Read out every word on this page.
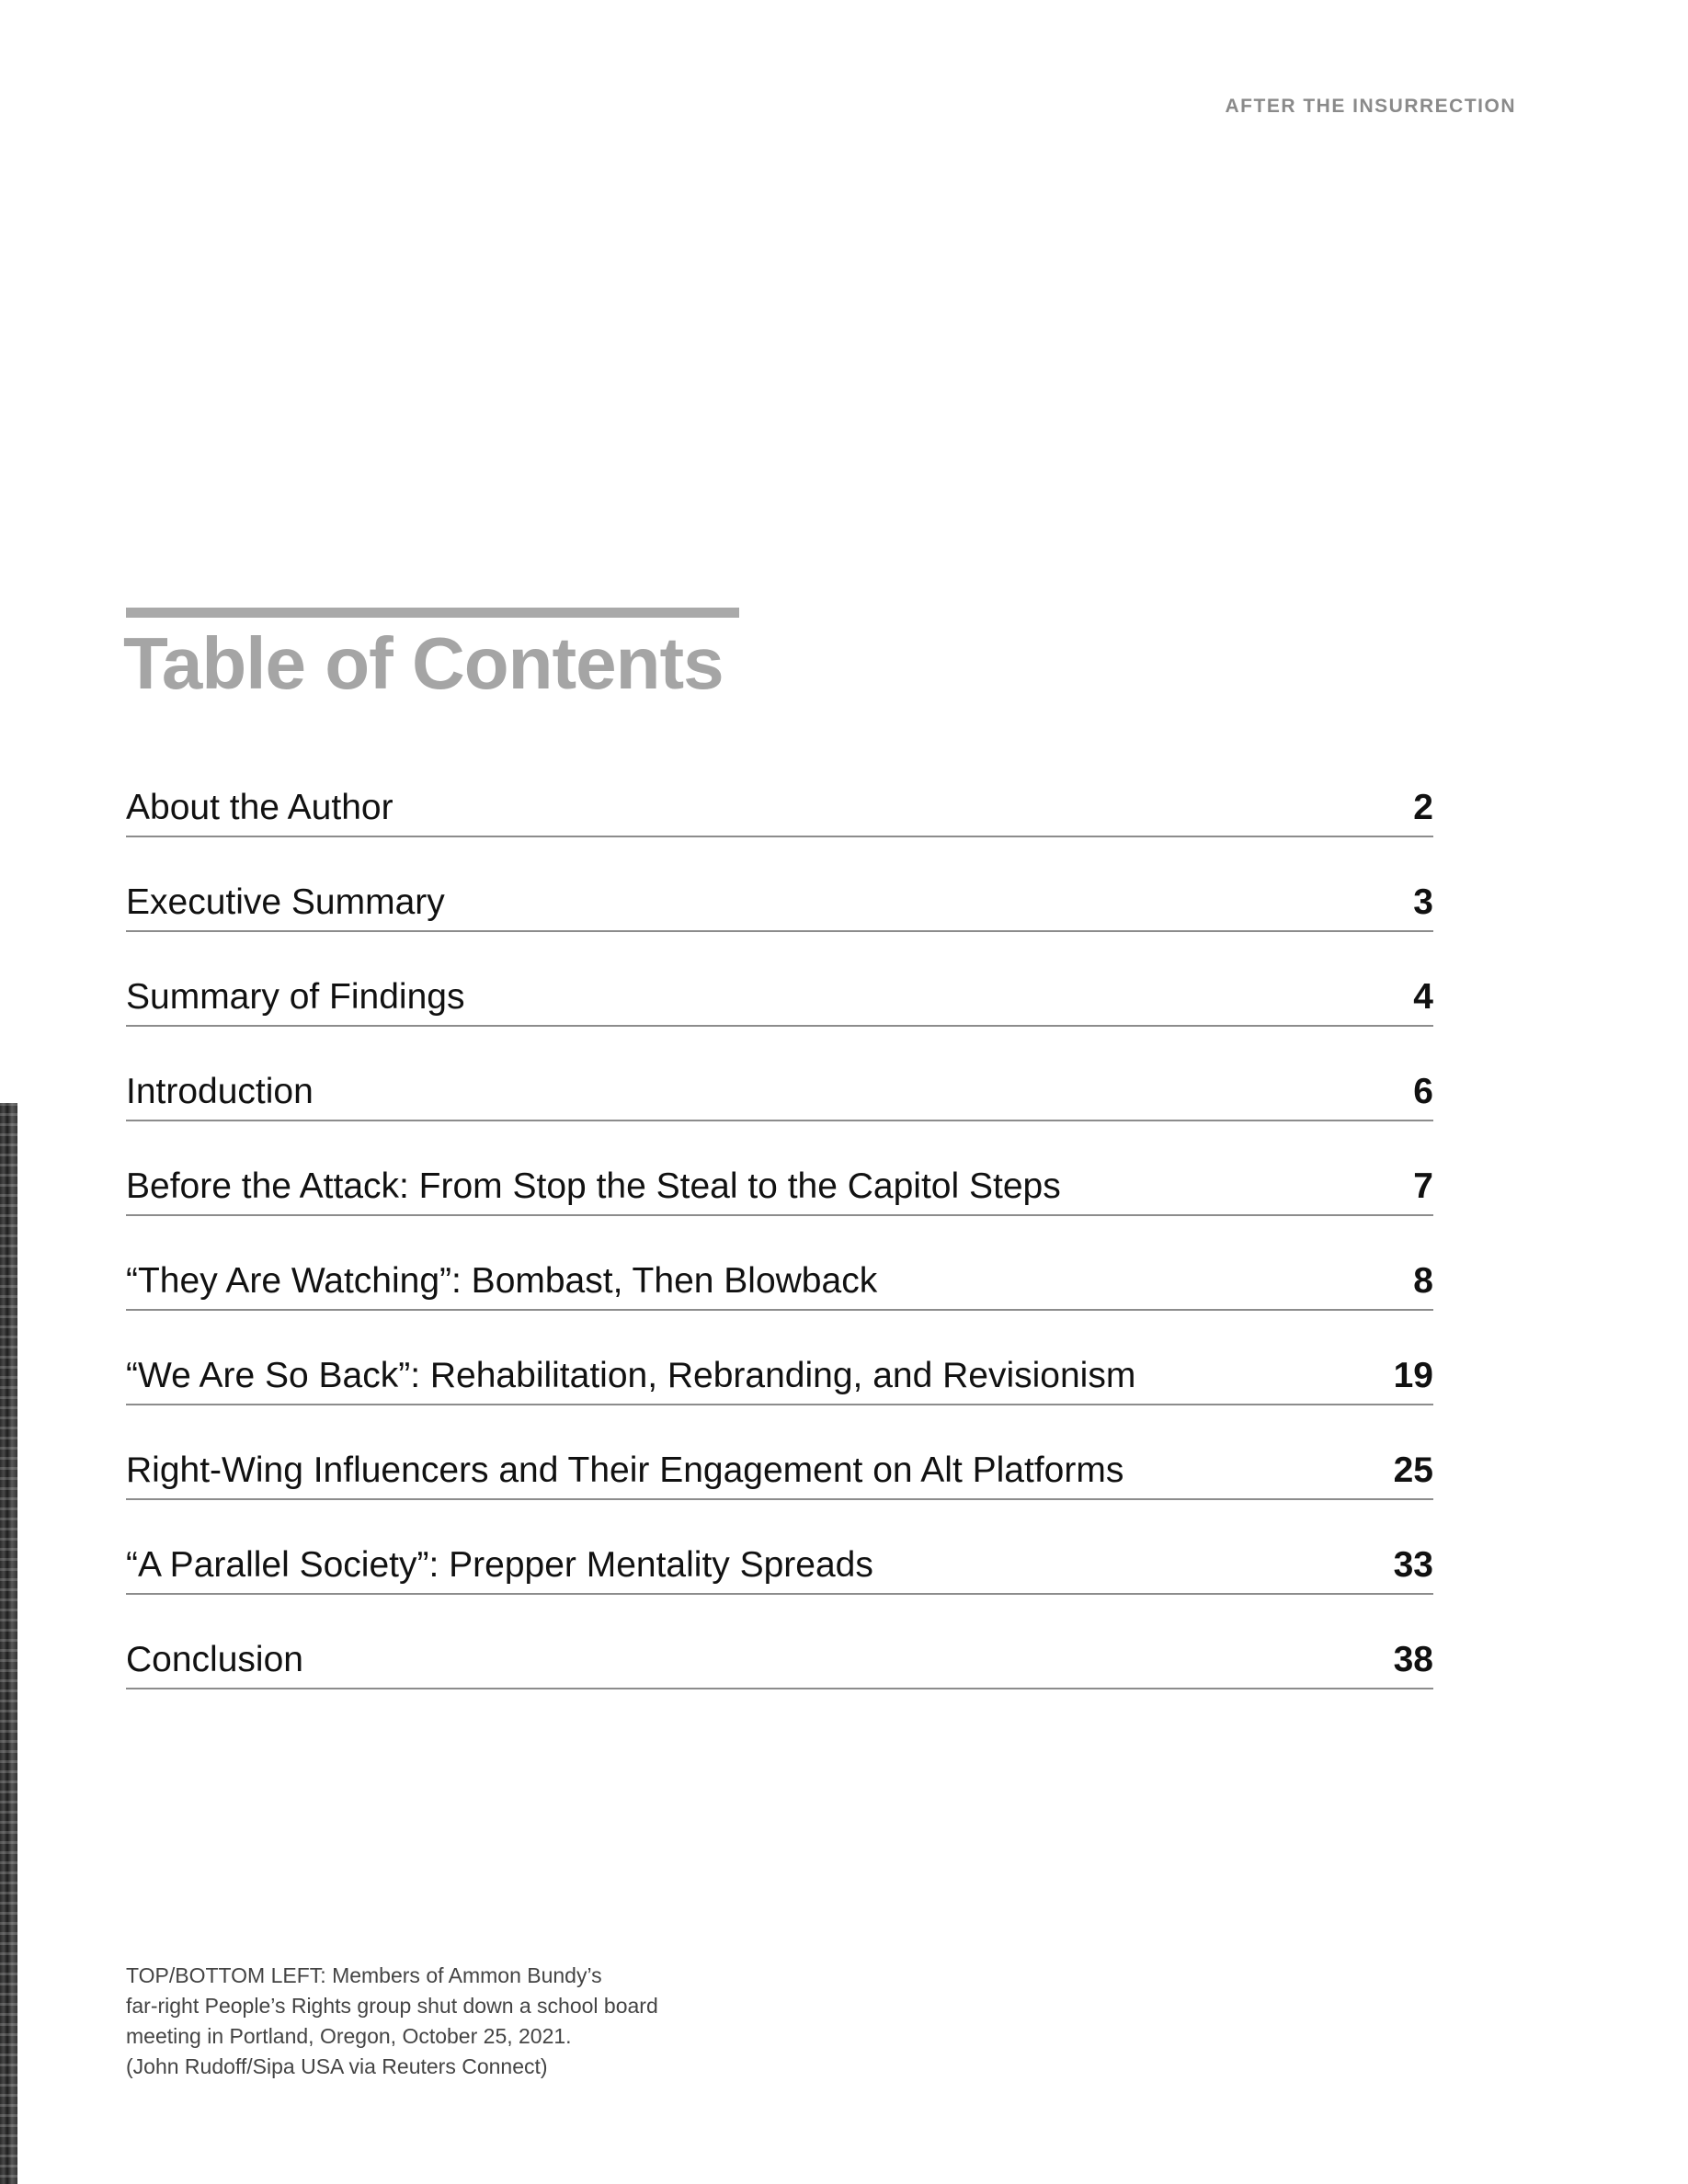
AFTER THE INSURRECTION
Table of Contents
About the Author	2
Executive Summary	3
Summary of Findings	4
Introduction	6
Before the Attack: From Stop the Steal to the Capitol Steps	7
“They Are Watching”: Bombast, Then Blowback	8
“We Are So Back”: Rehabilitation, Rebranding, and Revisionism	19
Right-Wing Influencers and Their Engagement on Alt Platforms	25
“A Parallel Society”: Prepper Mentality Spreads	33
Conclusion	38
TOP/BOTTOM LEFT: Members of Ammon Bundy’s
far-right People’s Rights group shut down a school board
meeting in Portland, Oregon, October 25, 2021.
(John Rudoff/Sipa USA via Reuters Connect)
